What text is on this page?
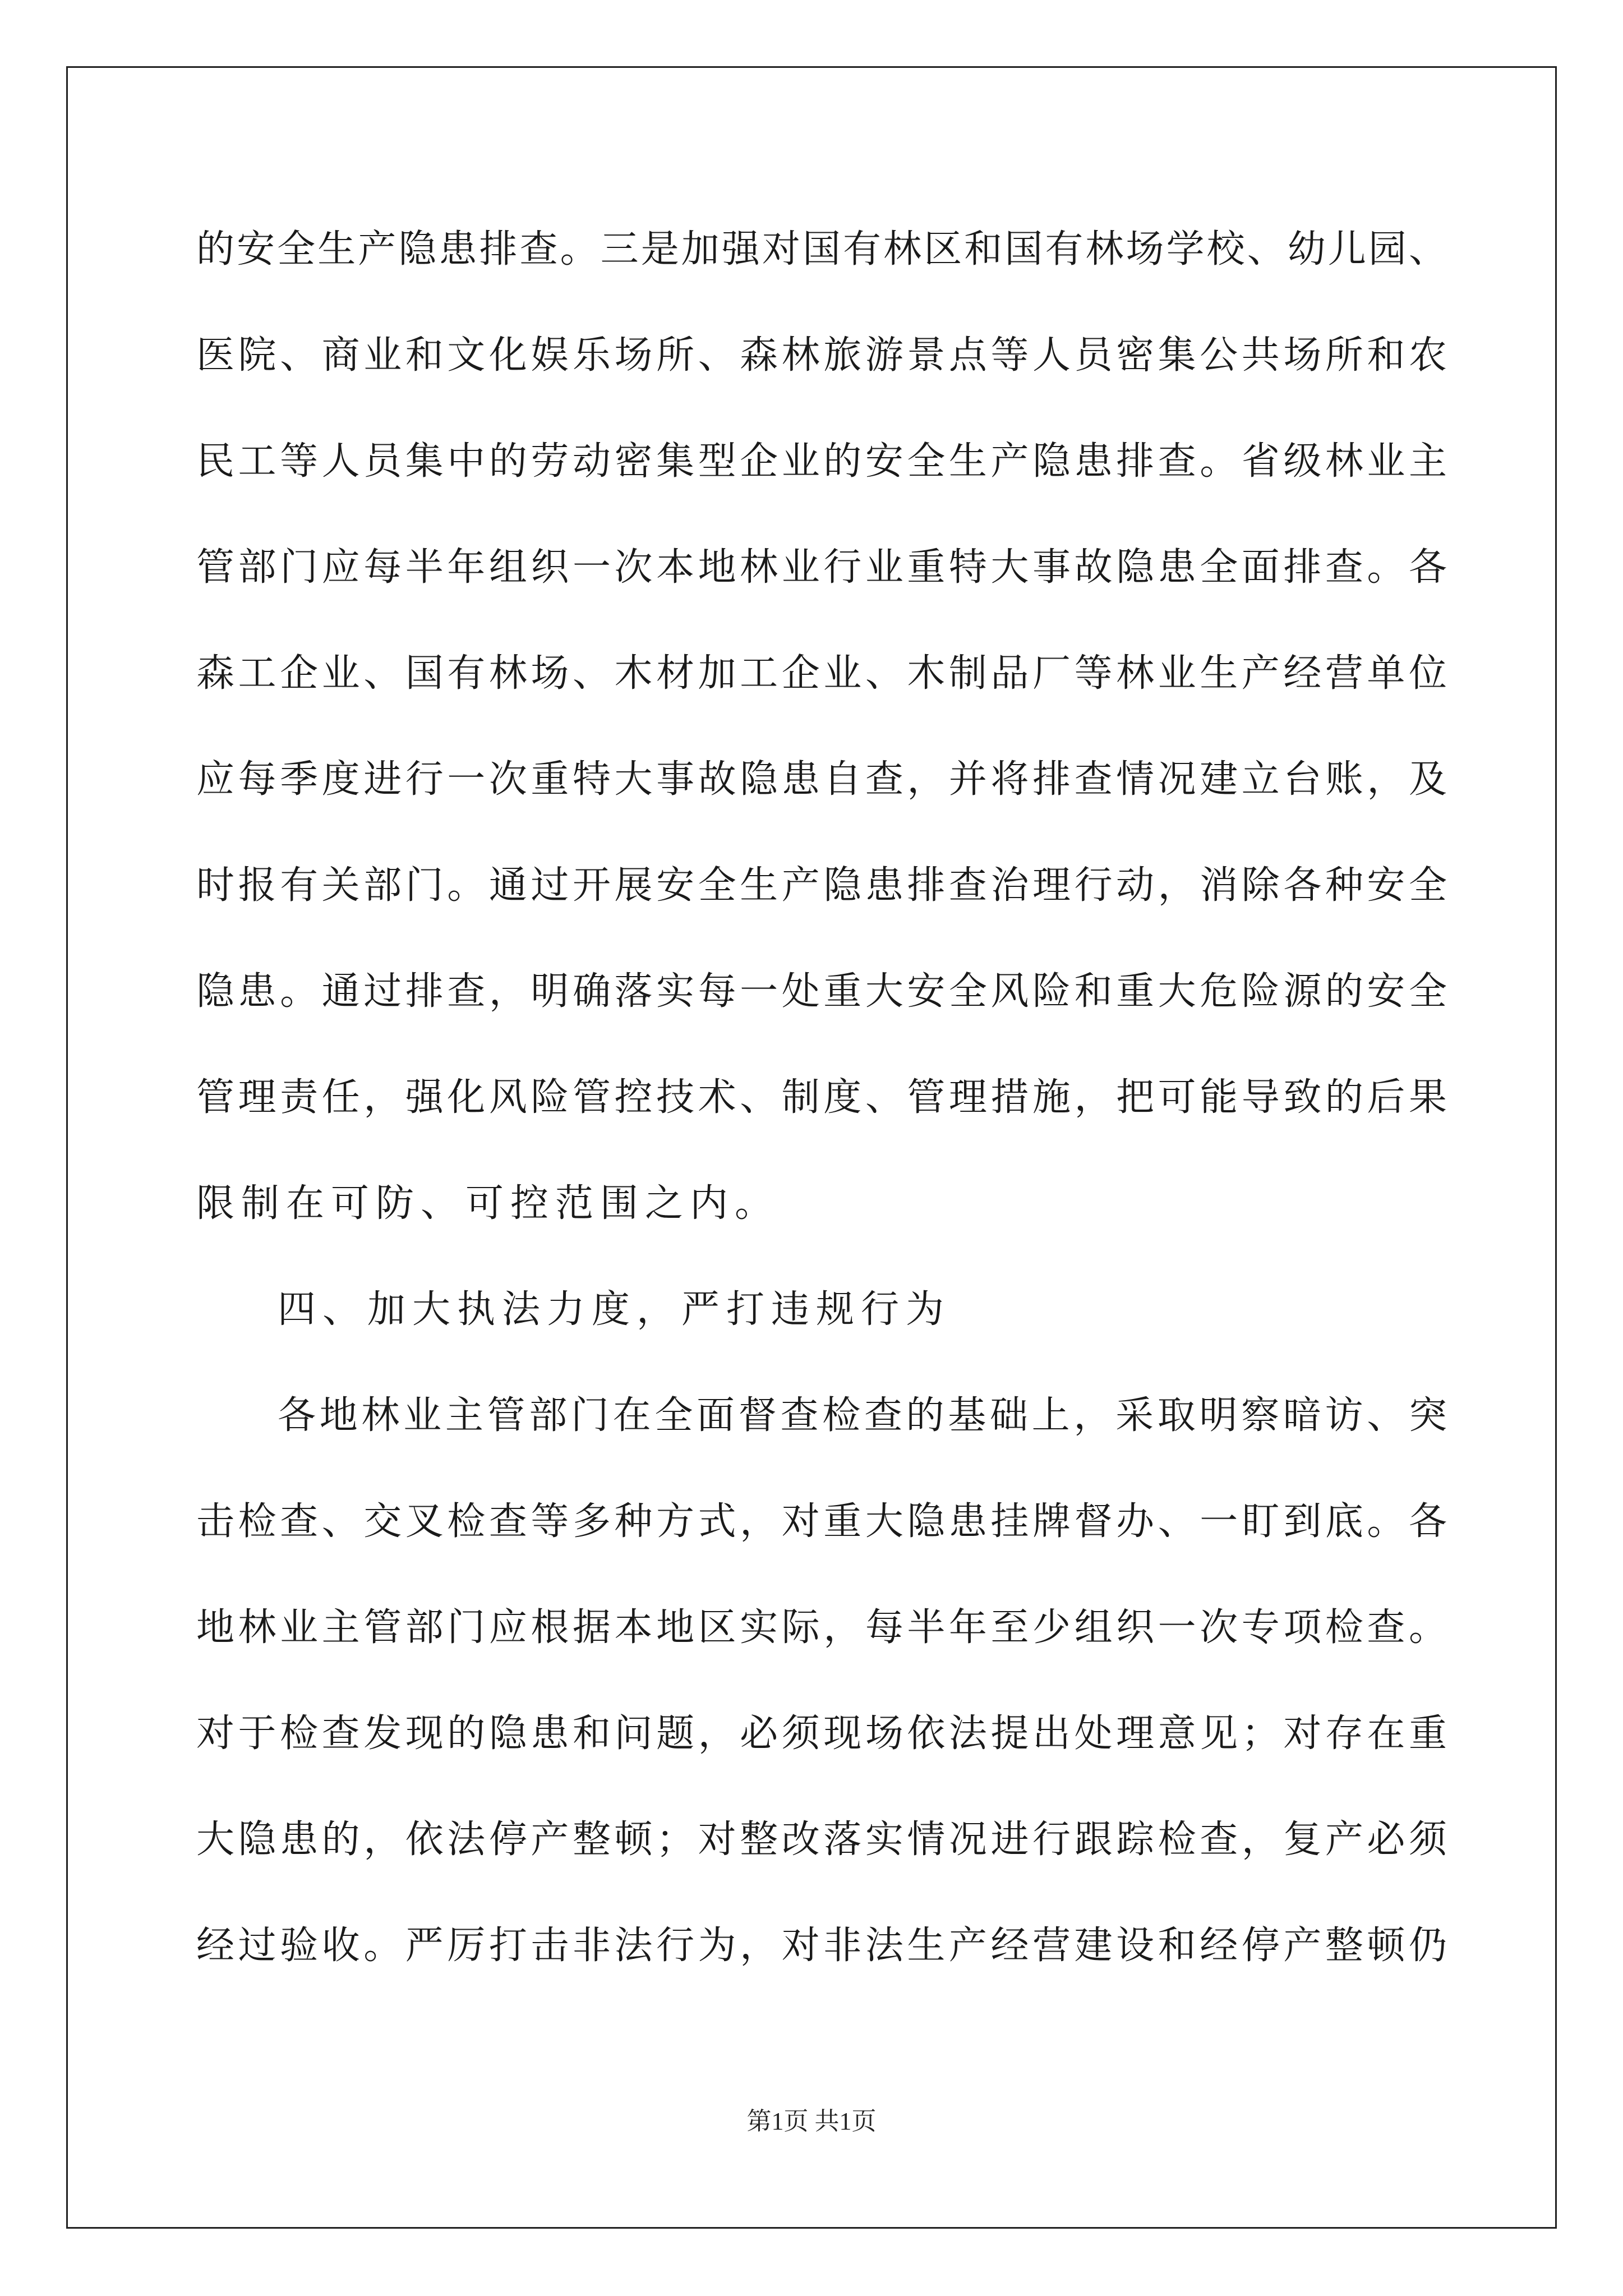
的安全生产隐患排查。三是加强对国有林区和国有林场学校、幼儿园、
医院、商业和文化娱乐场所、森林旅游景点等人员密集公共场所和农
民工等人员集中的劳动密集型企业的安全生产隐患排查。省级林业主
管部门应每半年组织一次本地林业行业重特大事故隐患全面排查。各
森工企业、国有林场、木材加工企业、木制品厂等林业生产经营单位
应每季度进行一次重特大事故隐患自查，并将排查情况建立台账，及
时报有关部门。通过开展安全生产隐患排查治理行动，消除各种安全
隐患。通过排查，明确落实每一处重大安全风险和重大危险源的安全
管理责任，强化风险管控技术、制度、管理措施，把可能导致的后果
限制在可防、可控范围之内。
四、加大执法力度，严打违规行为
各地林业主管部门在全面督查检查的基础上，采取明察暗访、突
击检查、交叉检查等多种方式，对重大隐患挂牌督办、一盯到底。各
地林业主管部门应根据本地区实际，每半年至少组织一次专项检查。
对于检查发现的隐患和问题，必须现场依法提出处理意见；对存在重
大隐患的，依法停产整顿；对整改落实情况进行跟踪检查，复产必须
经过验收。严厉打击非法行为，对非法生产经营建设和经停产整顿仍
第1页 共1页
